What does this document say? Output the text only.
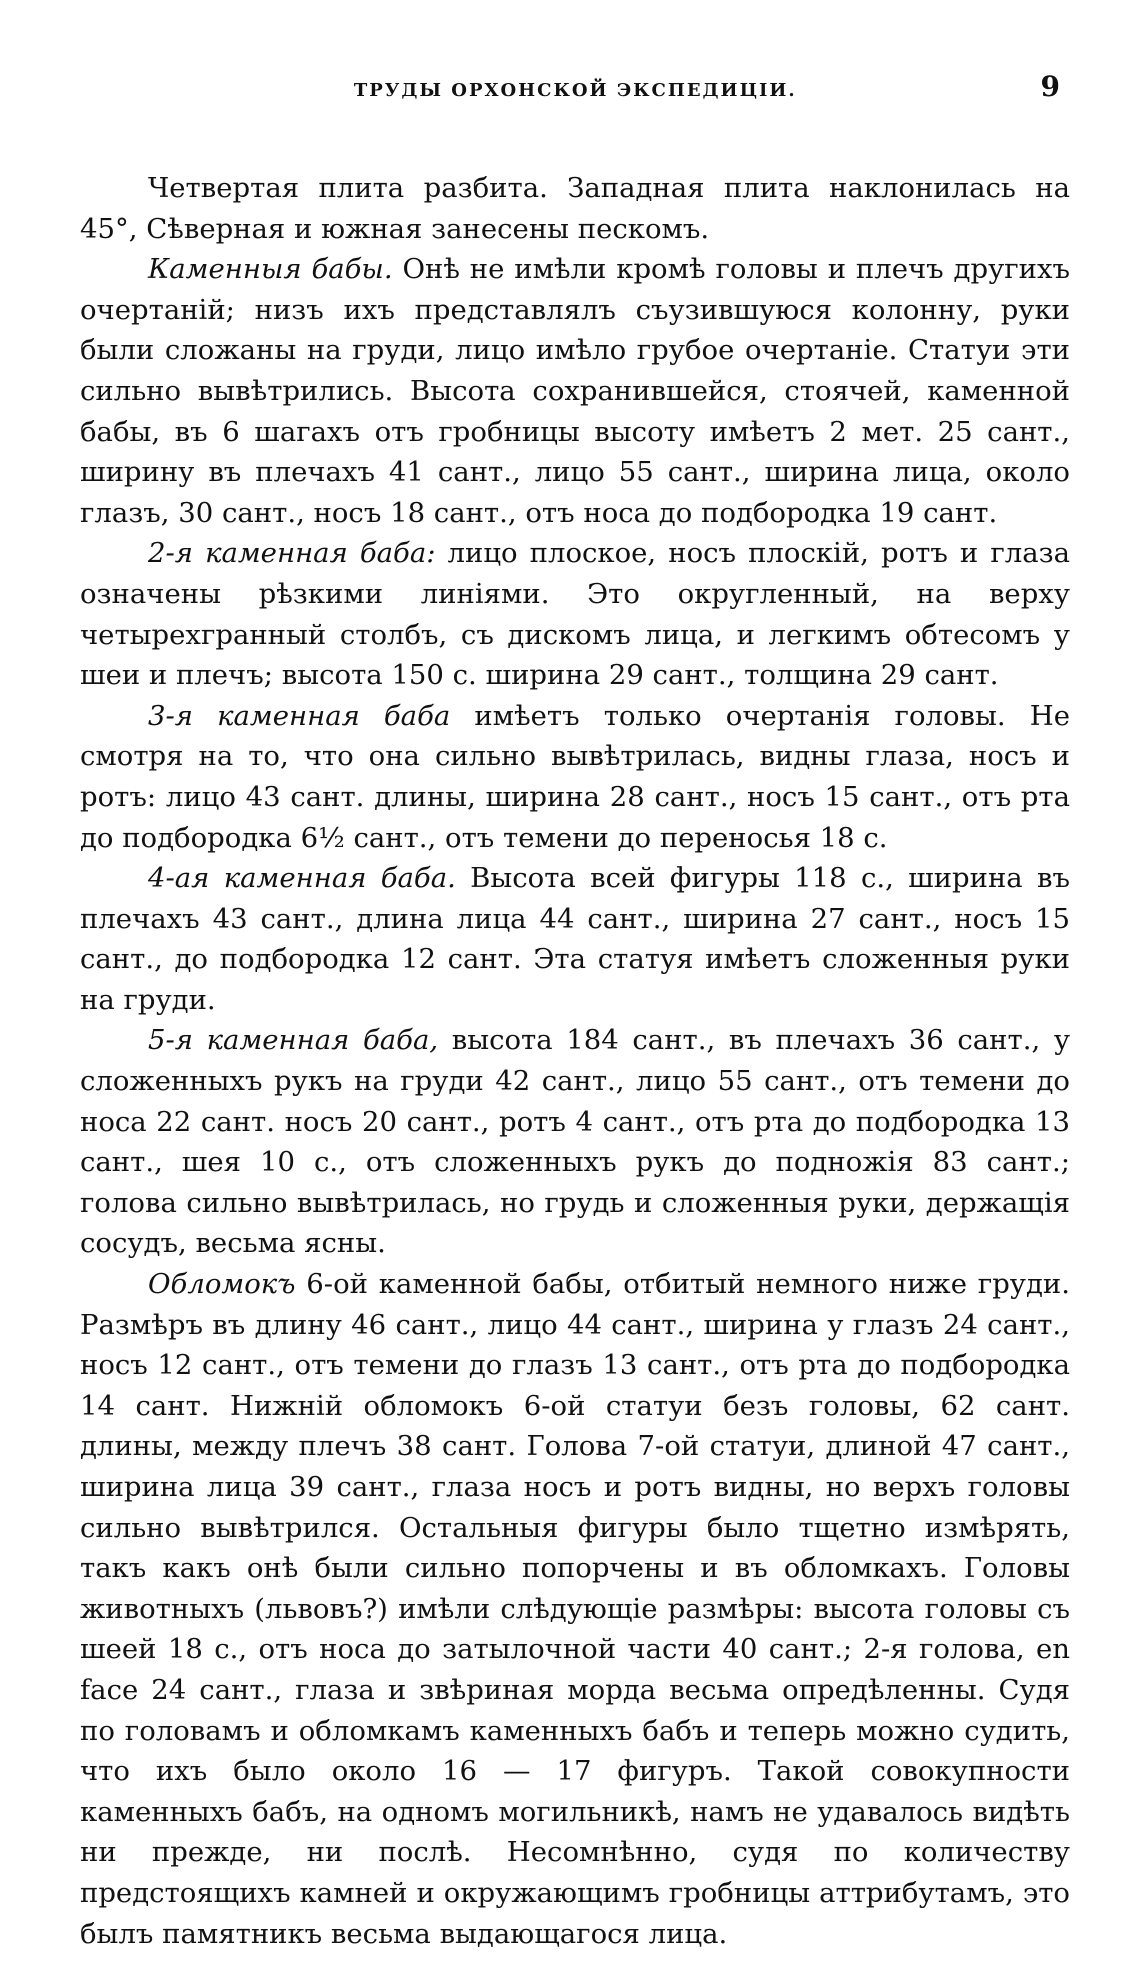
ТРУДЫ ОРХОНСКОЙ ЭКСПЕДИЦІИ.	9

Четвертая плита разбита. Западная плита наклонилась на 45°, Сѣверная и южная занесены пескомъ.

Каменныя бабы. Онѣ не имѣли кромѣ головы и плечъ другихъ очертаній; низъ ихъ представлялъ съузившуюся колонну, руки были сложаны на груди, лицо имѣло грубое очертаніе. Статуи эти сильно вывѣтрились. Высота сохранившейся, стоячей, каменной бабы, въ 6 шагахъ отъ гробницы высоту имѣетъ 2 мет. 25 сант., ширину въ плечахъ 41 сант., лицо 55 сант., ширина лица, около глазъ, 30 сант., носъ 18 сант., отъ носа до подбородка 19 сант.

2-я каменная баба: лицо плоское, носъ плоскій, ротъ и глаза означены рѣзкими линіями. Это округленный, на верху четырехгранный столбъ, съ дискомъ лица, и легкимъ обтесомъ у шеи и плечъ; высота 150 с. ширина 29 сант., толщина 29 сант.

3-я каменная баба имѣетъ только очертанія головы. Не смотря на то, что она сильно вывѣтрилась, видны глаза, носъ и ротъ: лицо 43 сант. длины, ширина 28 сант., носъ 15 сант., отъ рта до подбородка 6½ сант., отъ темени до переносья 18 с.

4-ая каменная баба. Высота всей фигуры 118 с., ширина въ плечахъ 43 сант., длина лица 44 сант., ширина 27 сант., носъ 15 сант., до подбородка 12 сант. Эта статуя имѣетъ сложенныя руки на груди.

5-я каменная баба, высота 184 сант., въ плечахъ 36 сант., у сложенныхъ рукъ на груди 42 сант., лицо 55 сант., отъ темени до носа 22 сант. носъ 20 сант., ротъ 4 сант., отъ рта до подбородка 13 сант., шея 10 с., отъ сложенныхъ рукъ до подножія 83 сант.; голова сильно вывѣтрилась, но грудь и сложенныя руки, держащія сосудъ, весьма ясны.

Обломокъ 6-ой каменной бабы, отбитый немного ниже груди. Размѣръ въ длину 46 сант., лицо 44 сант., ширина у глазъ 24 сант., носъ 12 сант., отъ темени до глазъ 13 сант., отъ рта до подбородка 14 сант. Нижній обломокъ 6-ой статуи безъ головы, 62 сант. длины, между плечъ 38 сант. Голова 7-ой статуи, длиной 47 сант., ширина лица 39 сант., глаза носъ и ротъ видны, но верхъ головы сильно вывѣтрился. Остальныя фигуры было тщетно измѣрять, такъ какъ онѣ были сильно попорчены и въ обломкахъ. Головы животныхъ (львовъ?) имѣли слѣдующіе размѣры: высота головы съ шеей 18 с., отъ носа до затылочной части 40 сант.; 2-я голова, en face 24 сант., глаза и звѣриная морда весьма опредѣленны. Судя по головамъ и обломкамъ каменныхъ бабъ и теперь можно судить, что ихъ было около 16 — 17 фигуръ. Такой совокупности каменныхъ бабъ, на одномъ могильникѣ, намъ не удавалось видѣть ни прежде, ни послѣ. Несомнѣнно, судя по количеству предстоящихъ камней и окружающимъ гробницы аттрибутамъ, это былъ памятникъ весьма выдающагося лица.
